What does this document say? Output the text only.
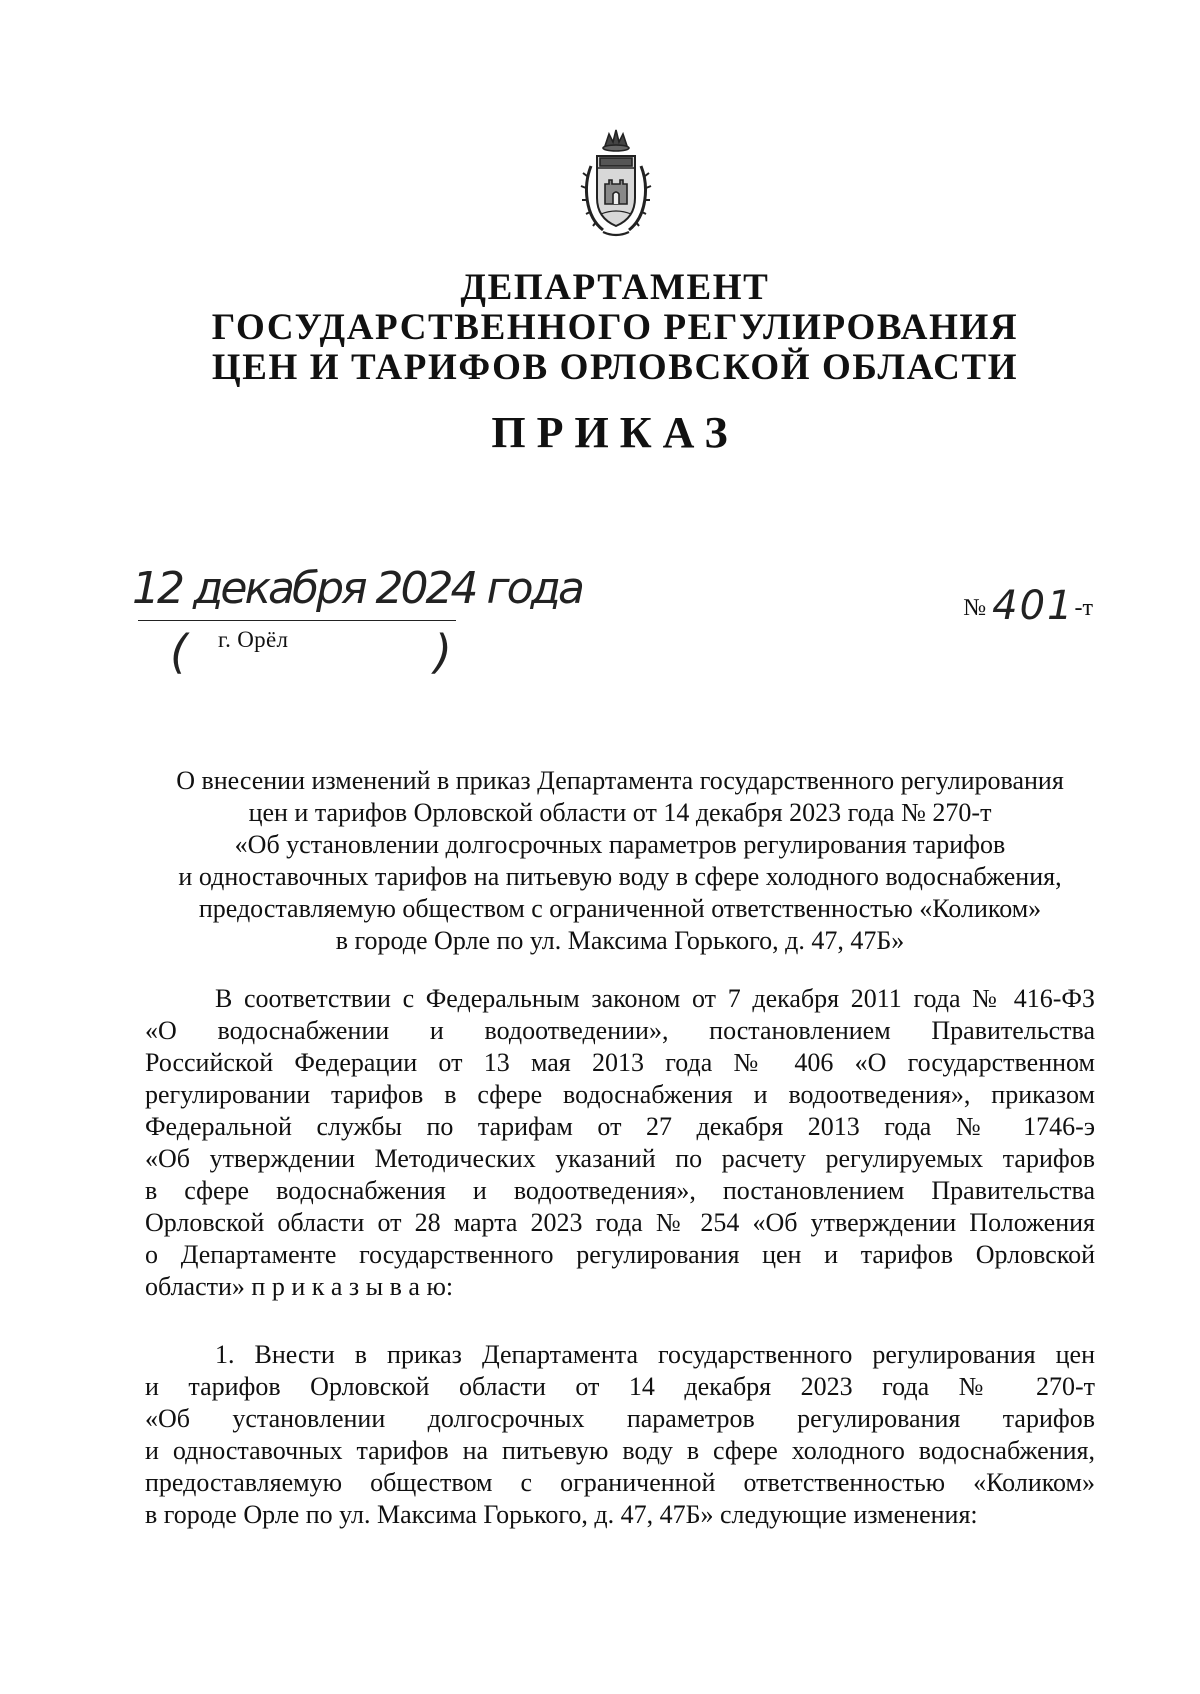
ДЕПАРТАМЕНТ
ГОСУДАРСТВЕННОГО РЕГУЛИРОВАНИЯ
ЦЕН И ТАРИФОВ ОРЛОВСКОЙ ОБЛАСТИ
ПРИКАЗ
12 декабря 2024 года
( г. Орёл	)
№ 401-т
О внесении изменений в приказ Департамента государственного регулирования
цен и тарифов Орловской области от 14 декабря 2023 года № 270-т
«Об установлении долгосрочных параметров регулирования тарифов
и одноставочных тарифов на питьевую воду в сфере холодного водоснабжения,
предоставляемую обществом с ограниченной ответственностью «Коликом»
в городе Орле по ул. Максима Горького, д. 47, 47Б»
В соответствии с Федеральным законом от 7 декабря 2011 года № 416-ФЗ
«О водоснабжении и водоотведении», постановлением Правительства
Российской Федерации от 13 мая 2013 года № 406 «О государственном
регулировании тарифов в сфере водоснабжения и водоотведения», приказом
Федеральной службы по тарифам от 27 декабря 2013 года № 1746-э
«Об утверждении Методических указаний по расчету регулируемых тарифов
в сфере водоснабжения и водоотведения», постановлением Правительства
Орловской области от 28 марта 2023 года № 254 «Об утверждении Положения
о Департаменте государственного регулирования цен и тарифов Орловской
области» п р и к а з ы в а ю:
1. Внести в приказ Департамента государственного регулирования цен
и тарифов Орловской области от 14 декабря 2023 года № 270-т
«Об установлении долгосрочных параметров регулирования тарифов
и одноставочных тарифов на питьевую воду в сфере холодного водоснабжения,
предоставляемую обществом с ограниченной ответственностью «Коликом»
в городе Орле по ул. Максима Горького, д. 47, 47Б» следующие изменения:
